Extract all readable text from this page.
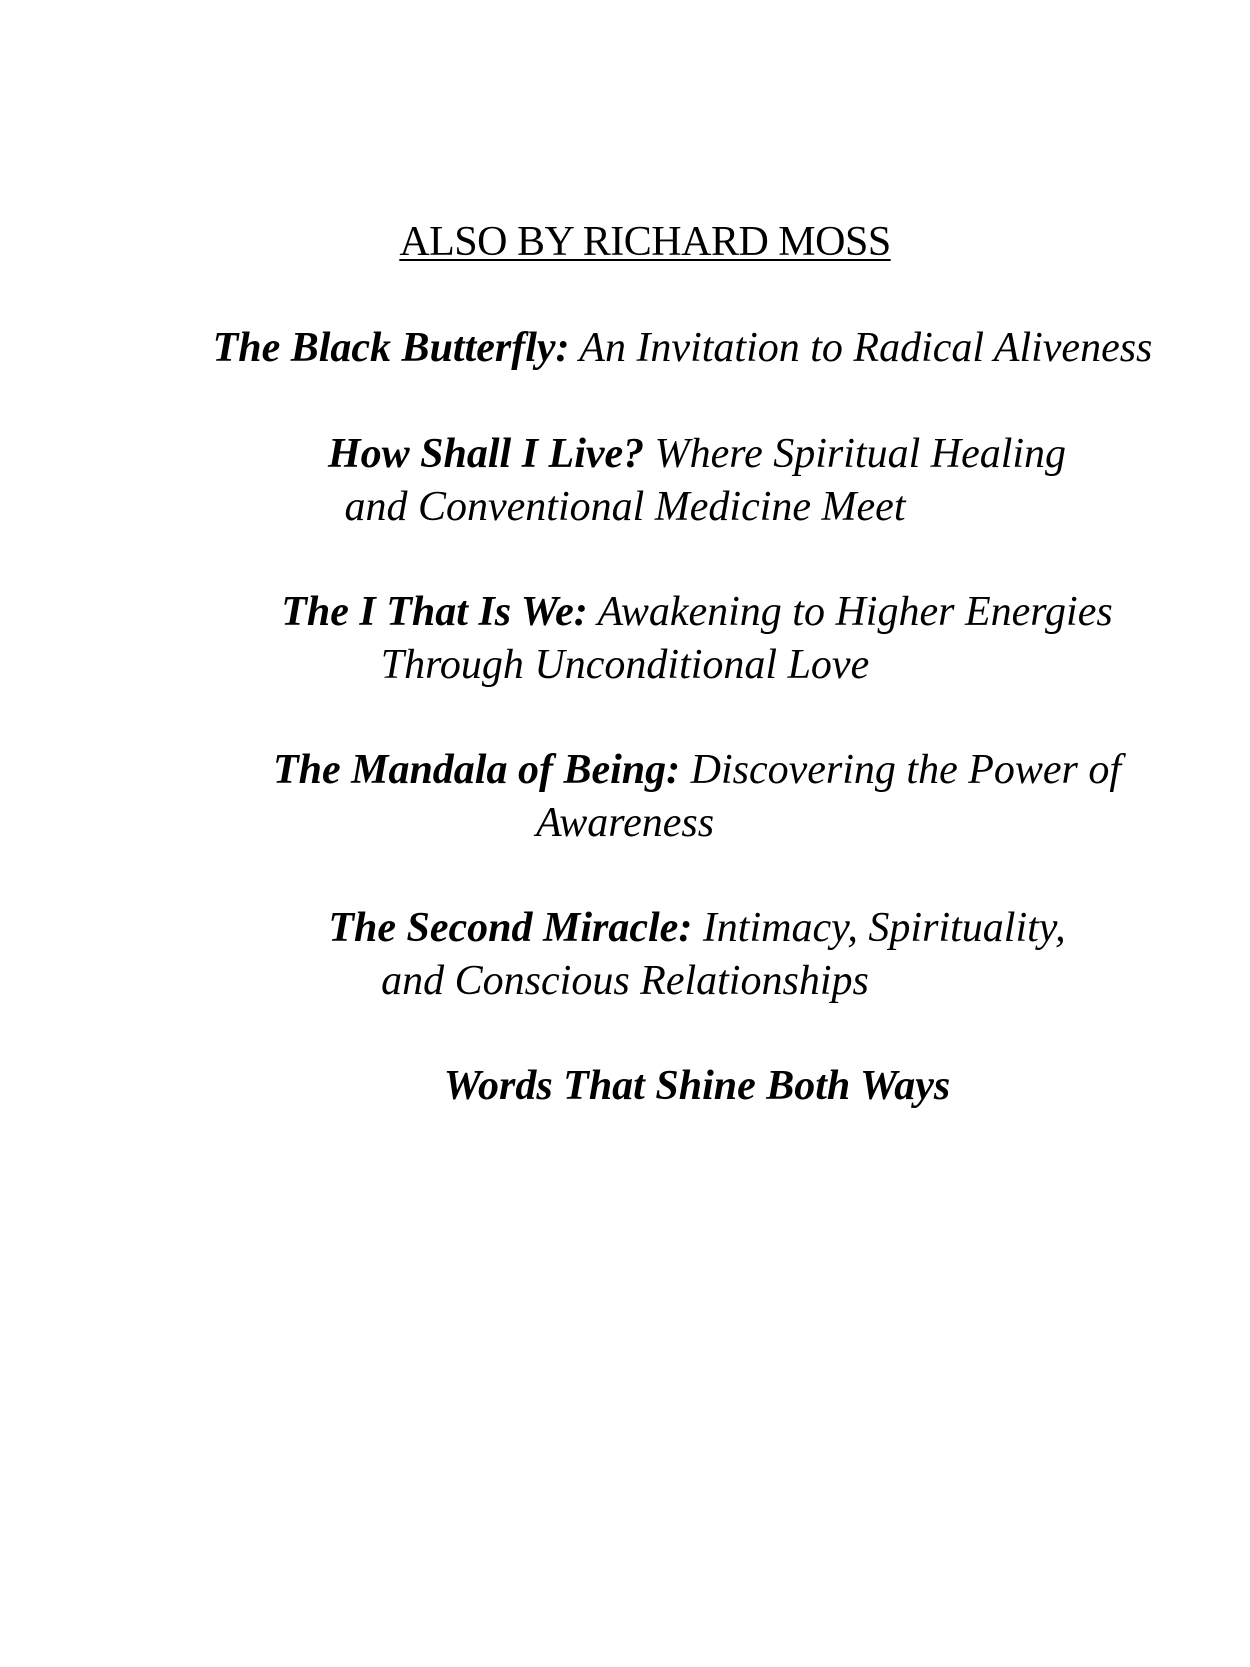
ALSO BY RICHARD MOSS
The Black Butterfly: An Invitation to Radical Aliveness
How Shall I Live? Where Spiritual Healing
and Conventional Medicine Meet
The I That Is We: Awakening to Higher Energies
Through Unconditional Love
The Mandala of Being: Discovering the Power of
Awareness
The Second Miracle: Intimacy, Spirituality,
and Conscious Relationships
Words That Shine Both Ways
